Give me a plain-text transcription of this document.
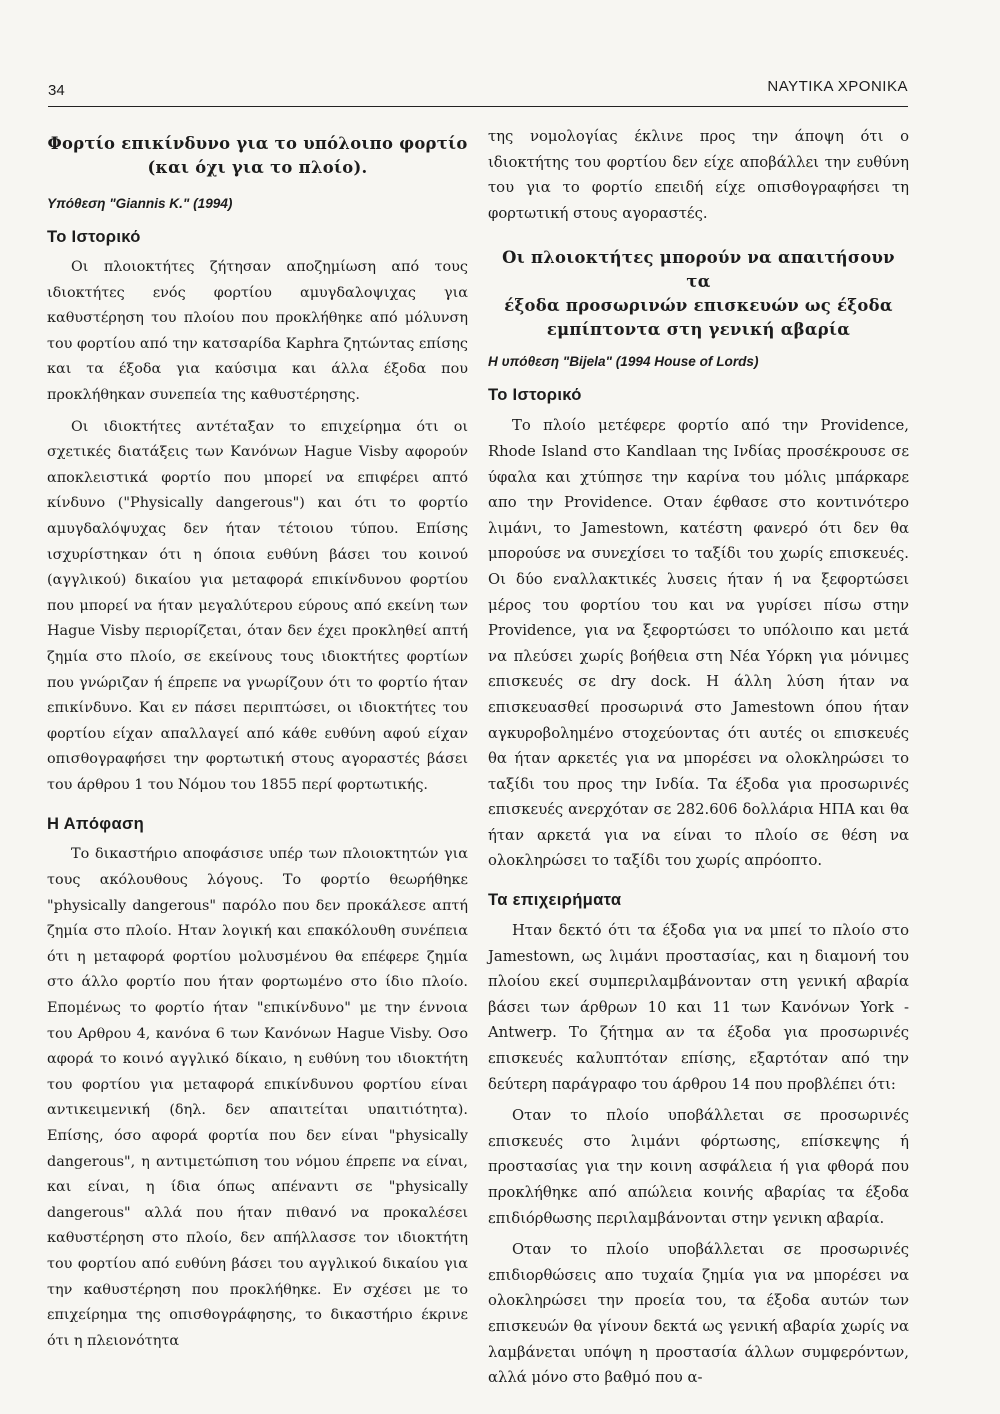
34	ΝΑΥΤΙΚΑ ΧΡΟΝΙΚΑ
Φορτίο επικίνδυνο για το υπόλοιπο φορτίο
(και όχι για το πλοίο).

Υπόθεση "Giannis K." (1994)

Το Ιστορικό

Οι πλοιοκτήτες ζήτησαν αποζημίωση από τους ιδιοκτήτες ενός φορτίου αμυγδαλοψιχας για καθυστέρηση του πλοίου που προκλήθηκε από μόλυνση του φορτίου από την κατσαρίδα Kaphra ζητώντας επίσης και τα έξοδα για καύσιμα και άλλα έξοδα που προκλήθηκαν συνεπεία της καθυστέρησης.

Οι ιδιοκτήτες αντέταξαν το επιχείρημα ότι οι σχετικές διατάξεις των Κανόνων Hague Visby αφορούν αποκλειστικά φορτίο που μπορεί να επιφέρει απτό κίνδυνο ("Physically dangerous") και ότι το φορτίο αμυγδαλόψυχας δεν ήταν τέτοιου τύπου. Επίσης ισχυρίστηκαν ότι η όποια ευθύνη βάσει του κοινού (αγγλικού) δικαίου για μεταφορά επικίνδυνου φορτίου που μπορεί να ήταν μεγαλύτερου εύρους από εκείνη των Hague Visby περιορίζεται, όταν δεν έχει προκληθεί απτή ζημία στο πλοίο, σε εκείνους τους ιδιοκτήτες φορτίων που γνώριζαν ή έπρεπε να γνωρίζουν ότι το φορτίο ήταν επικίνδυνο. Και εν πάσει περιπτώσει, οι ιδιοκτήτες του φορτίου είχαν απαλλαγεί από κάθε ευθύνη αφού είχαν οπισθογραφήσει την φορτωτική στους αγοραστές βάσει του άρθρου 1 του Νόμου του 1855 περί φορτωτικής.

Η Απόφαση

Το δικαστήριο αποφάσισε υπέρ των πλοιοκτητών για τους ακόλουθους λόγους. Το φορτίο θεωρήθηκε "physically dangerous" παρόλο που δεν προκάλεσε απτή ζημία στο πλοίο. Ηταν λογική και επακόλουθη συνέπεια ότι η μεταφορά φορτίου μολυσμένου θα επέφερε ζημία στο άλλο φορτίο που ήταν φορτωμένο στο ίδιο πλοίο. Επομένως το φορτίο ήταν "επικίνδυνο" με την έννοια του Αρθρου 4, κανόνα 6 των Κανόνων Hague Visby. Οσο αφορά το κοινό αγγλικό δίκαιο, η ευθύνη του ιδιοκτήτη του φορτίου για μεταφορά επικίνδυνου φορτίου είναι αντικειμενική (δηλ. δεν απαιτείται υπαιτιότητα). Επίσης, όσο αφορά φορτία που δεν είναι "physically dangerous", η αντιμετώπιση του νόμου έπρεπε να είναι, και είναι, η ίδια όπως απέναντι σε "physically dangerous" αλλά που ήταν πιθανό να προκαλέσει καθυστέρηση στο πλοίο, δεν απήλλασσε τον ιδιοκτήτη του φορτίου από ευθύνη βάσει του αγγλικού δικαίου για την καθυστέρηση που προκλήθηκε. Εν σχέσει με το επιχείρημα της οπισθογράφησης, το δικαστήριο έκρινε ότι η πλειονότητα

της νομολογίας έκλινε προς την άποψη ότι ο ιδιοκτήτης του φορτίου δεν είχε αποβάλλει την ευθύνη του για το φορτίο επειδή είχε οπισθογραφήσει τη φορτωτική στους αγοραστές.

Οι πλοιοκτήτες μπορούν να απαιτήσουν τα
έξοδα προσωρινών επισκευών ως έξοδα
εμπίπτοντα στη γενική αβαρία

Η υπόθεση "Bijela" (1994 House of Lords)

Το Ιστορικό

Το πλοίο μετέφερε φορτίο από την Providence, Rhode Island στο Kandlaan της Ινδίας προσέκρουσε σε ύφαλα και χτύπησε την καρίνα του μόλις μπάρκαρε απο την Providence. Οταν έφθασε στο κοντινότερο λιμάνι, το Jamestown, κατέστη φανερό ότι δεν θα μπορούσε να συνεχίσει το ταξίδι του χωρίς επισκευές. Οι δύο εναλλακτικές λυσεις ήταν ή να ξεφορτώσει μέρος του φορτίου του και να γυρίσει πίσω στην Providence, για να ξεφορτώσει το υπόλοιπο και μετά να πλεύσει χωρίς βοήθεια στη Νέα Υόρκη για μόνιμες επισκευές σε dry dock. Η άλλη λύση ήταν να επισκευασθεί προσωρινά στο Jamestown όπου ήταν αγκυροβολημένο στοχεύοντας ότι αυτές οι επισκευές θα ήταν αρκετές για να μπορέσει να ολοκληρώσει το ταξίδι του προς την Ινδία. Τα έξοδα για προσωρινές επισκευές ανερχόταν σε 282.606 δολλάρια ΗΠΑ και θα ήταν αρκετά για να είναι το πλοίο σε θέση να ολοκληρώσει το ταξίδι του χωρίς απρόοπτο.

Τα επιχειρήματα

Ηταν δεκτό ότι τα έξοδα για να μπεί το πλοίο στο Jamestown, ως λιμάνι προστασίας, και η διαμονή του πλοίου εκεί συμπεριλαμβάνονταν στη γενική αβαρία βάσει των άρθρων 10 και 11 των Κανόνων York - Antwerp. Το ζήτημα αν τα έξοδα για προσωρινές επισκευές καλυπτόταν επίσης, εξαρτόταν από την δεύτερη παράγραφο του άρθρου 14 που προβλέπει ότι:

Οταν το πλοίο υποβάλλεται σε προσωρινές επισκευές στο λιμάνι φόρτωσης, επίσκεψης ή προστασίας για την κοινη ασφάλεια ή για φθορά που προκλήθηκε από απώλεια κοινής αβαρίας τα έξοδα επιδιόρθωσης περιλαμβάνονται στην γενικη αβαρία.

Οταν το πλοίο υποβάλλεται σε προσωρινές επιδιορθώσεις απο τυχαία ζημία για να μπορέσει να ολοκληρώσει την προεία του, τα έξοδα αυτών των επισκευών θα γίνουν δεκτά ως γενική αβαρία χωρίς να λαμβάνεται υπόψη η προστασία άλλων συμφερόντων, αλλά μόνο στο βαθμό που α-
